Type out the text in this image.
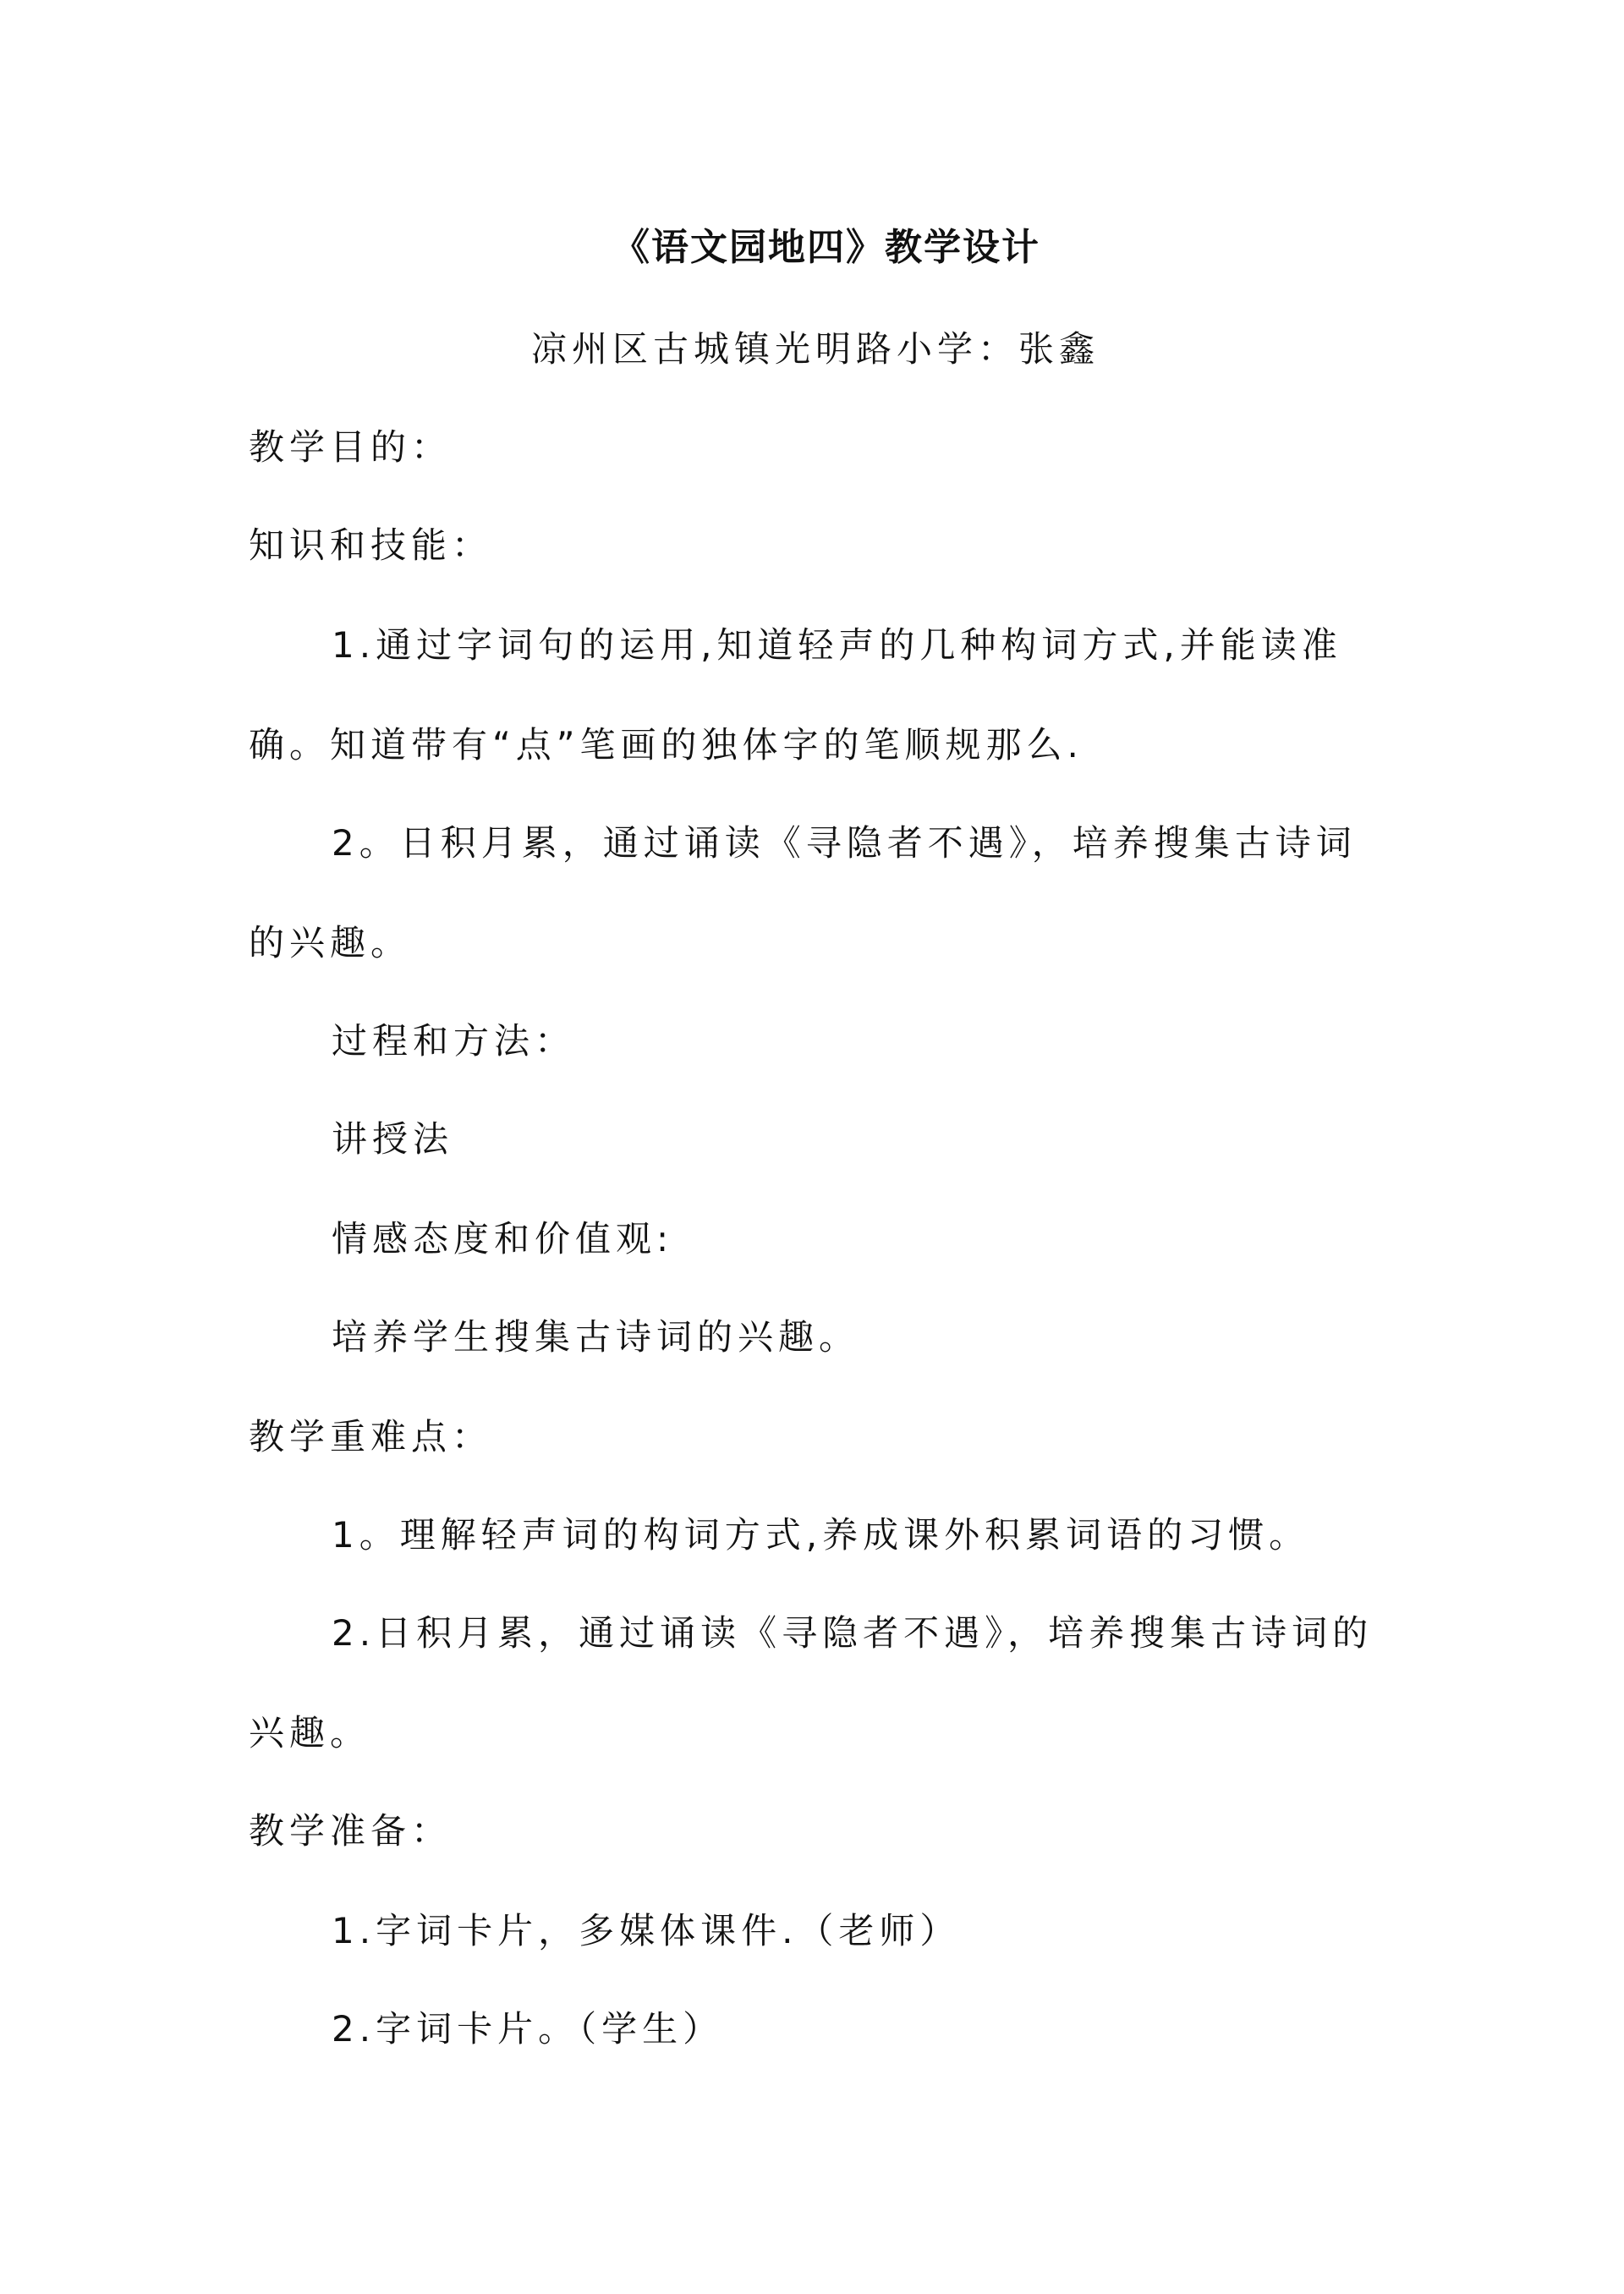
《语文园地四》教学设计
凉州区古城镇光明路小学：张鑫
教学目的：
知识和技能：
1.通过字词句的运用,知道轻声的几种构词方式,并能读准
确。知道带有“点”笔画的独体字的笔顺规那么.
2。日积月累，通过诵读《寻隐者不遇》，培养搜集古诗词
的兴趣。
过程和方法：
讲授法
情感态度和价值观:
培养学生搜集古诗词的兴趣。
教学重难点：
1。理解轻声词的构词方式,养成课外积累词语的习惯。
2.日积月累，通过诵读《寻隐者不遇》，培养搜集古诗词的
兴趣。
教学准备：
1.字词卡片，多媒体课件.（老师）
2.字词卡片。（学生）
